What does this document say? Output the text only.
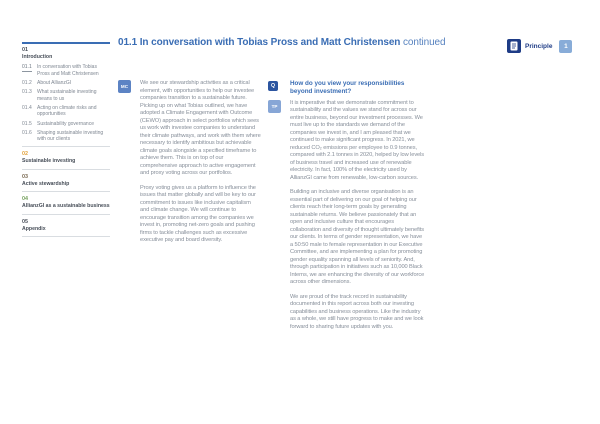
01
Introduction
01.1	In conversation with Tobias Pross and Matt Christensen
01.2	About AllianzGI
01.3	What sustainable investing means to us
01.4	Acting on climate risks and opportunities
01.5	Sustainability governance
01.6	Shaping sustainable investing with our clients
02
Sustainable investing
03
Active stewardship
04
AllianzGI as a sustainable business
05
Appendix
01.1 In conversation with Tobias Pross and Matt Christensen continued	Principle	1
MC

We see our stewardship activities as a critical element, with opportunities to help our investee companies transition to a sustainable future. Picking up on what Tobias outlined, we have adopted a Climate Engagement with Outcome (CEWO) approach in select portfolios which sees us work with investee companies to understand their climate pathways, and work with them where necessary to identify ambitious but achievable climate goals alongside a specified timeframe to achieve them. This is on top of our comprehensive approach to active engagement and proxy voting across our portfolios.

Proxy voting gives us a platform to influence the issues that matter globally and will be key to our commitment to issues like inclusive capitalism and climate change. We will continue to encourage transition among the companies we invest in, promoting net-zero goals and pushing firms to tackle challenges such as excessive executive pay and board diversity.

Q	How do you view your responsibilities beyond investment?
TP

It is imperative that we demonstrate commitment to sustainability and the values we stand for across our entire business, beyond our investment processes. We must live up to the standards we demand of the companies we invest in, and I am pleased that we continued to make significant progress. In 2021, we reduced CO₂ emissions per employee to 0.9 tonnes, compared with 2.1 tonnes in 2020, helped by low levels of business travel and increased use of renewable electricity. In fact, 100% of the electricity used by AllianzGI came from renewable, low-carbon sources.

Building an inclusive and diverse organisation is an essential part of delivering on our goal of helping our clients reach their long-term goals by generating sustainable returns. We believe passionately that an open and inclusive culture that encourages collaboration and diversity of thought ultimately benefits our clients. In terms of gender representation, we have a 50:50 male to female representation in our Executive Committee, and are implementing a plan for promoting gender equality spanning all levels of seniority. And, through participation in initiatives such as 10,000 Black Interns, we are enhancing the diversity of our workforce across other dimensions.

We are proud of the track record in sustainability documented in this report across both our investing capabilities and business operations. Like the industry as a whole, we still have progress to make and we look forward to sharing future updates with you.
